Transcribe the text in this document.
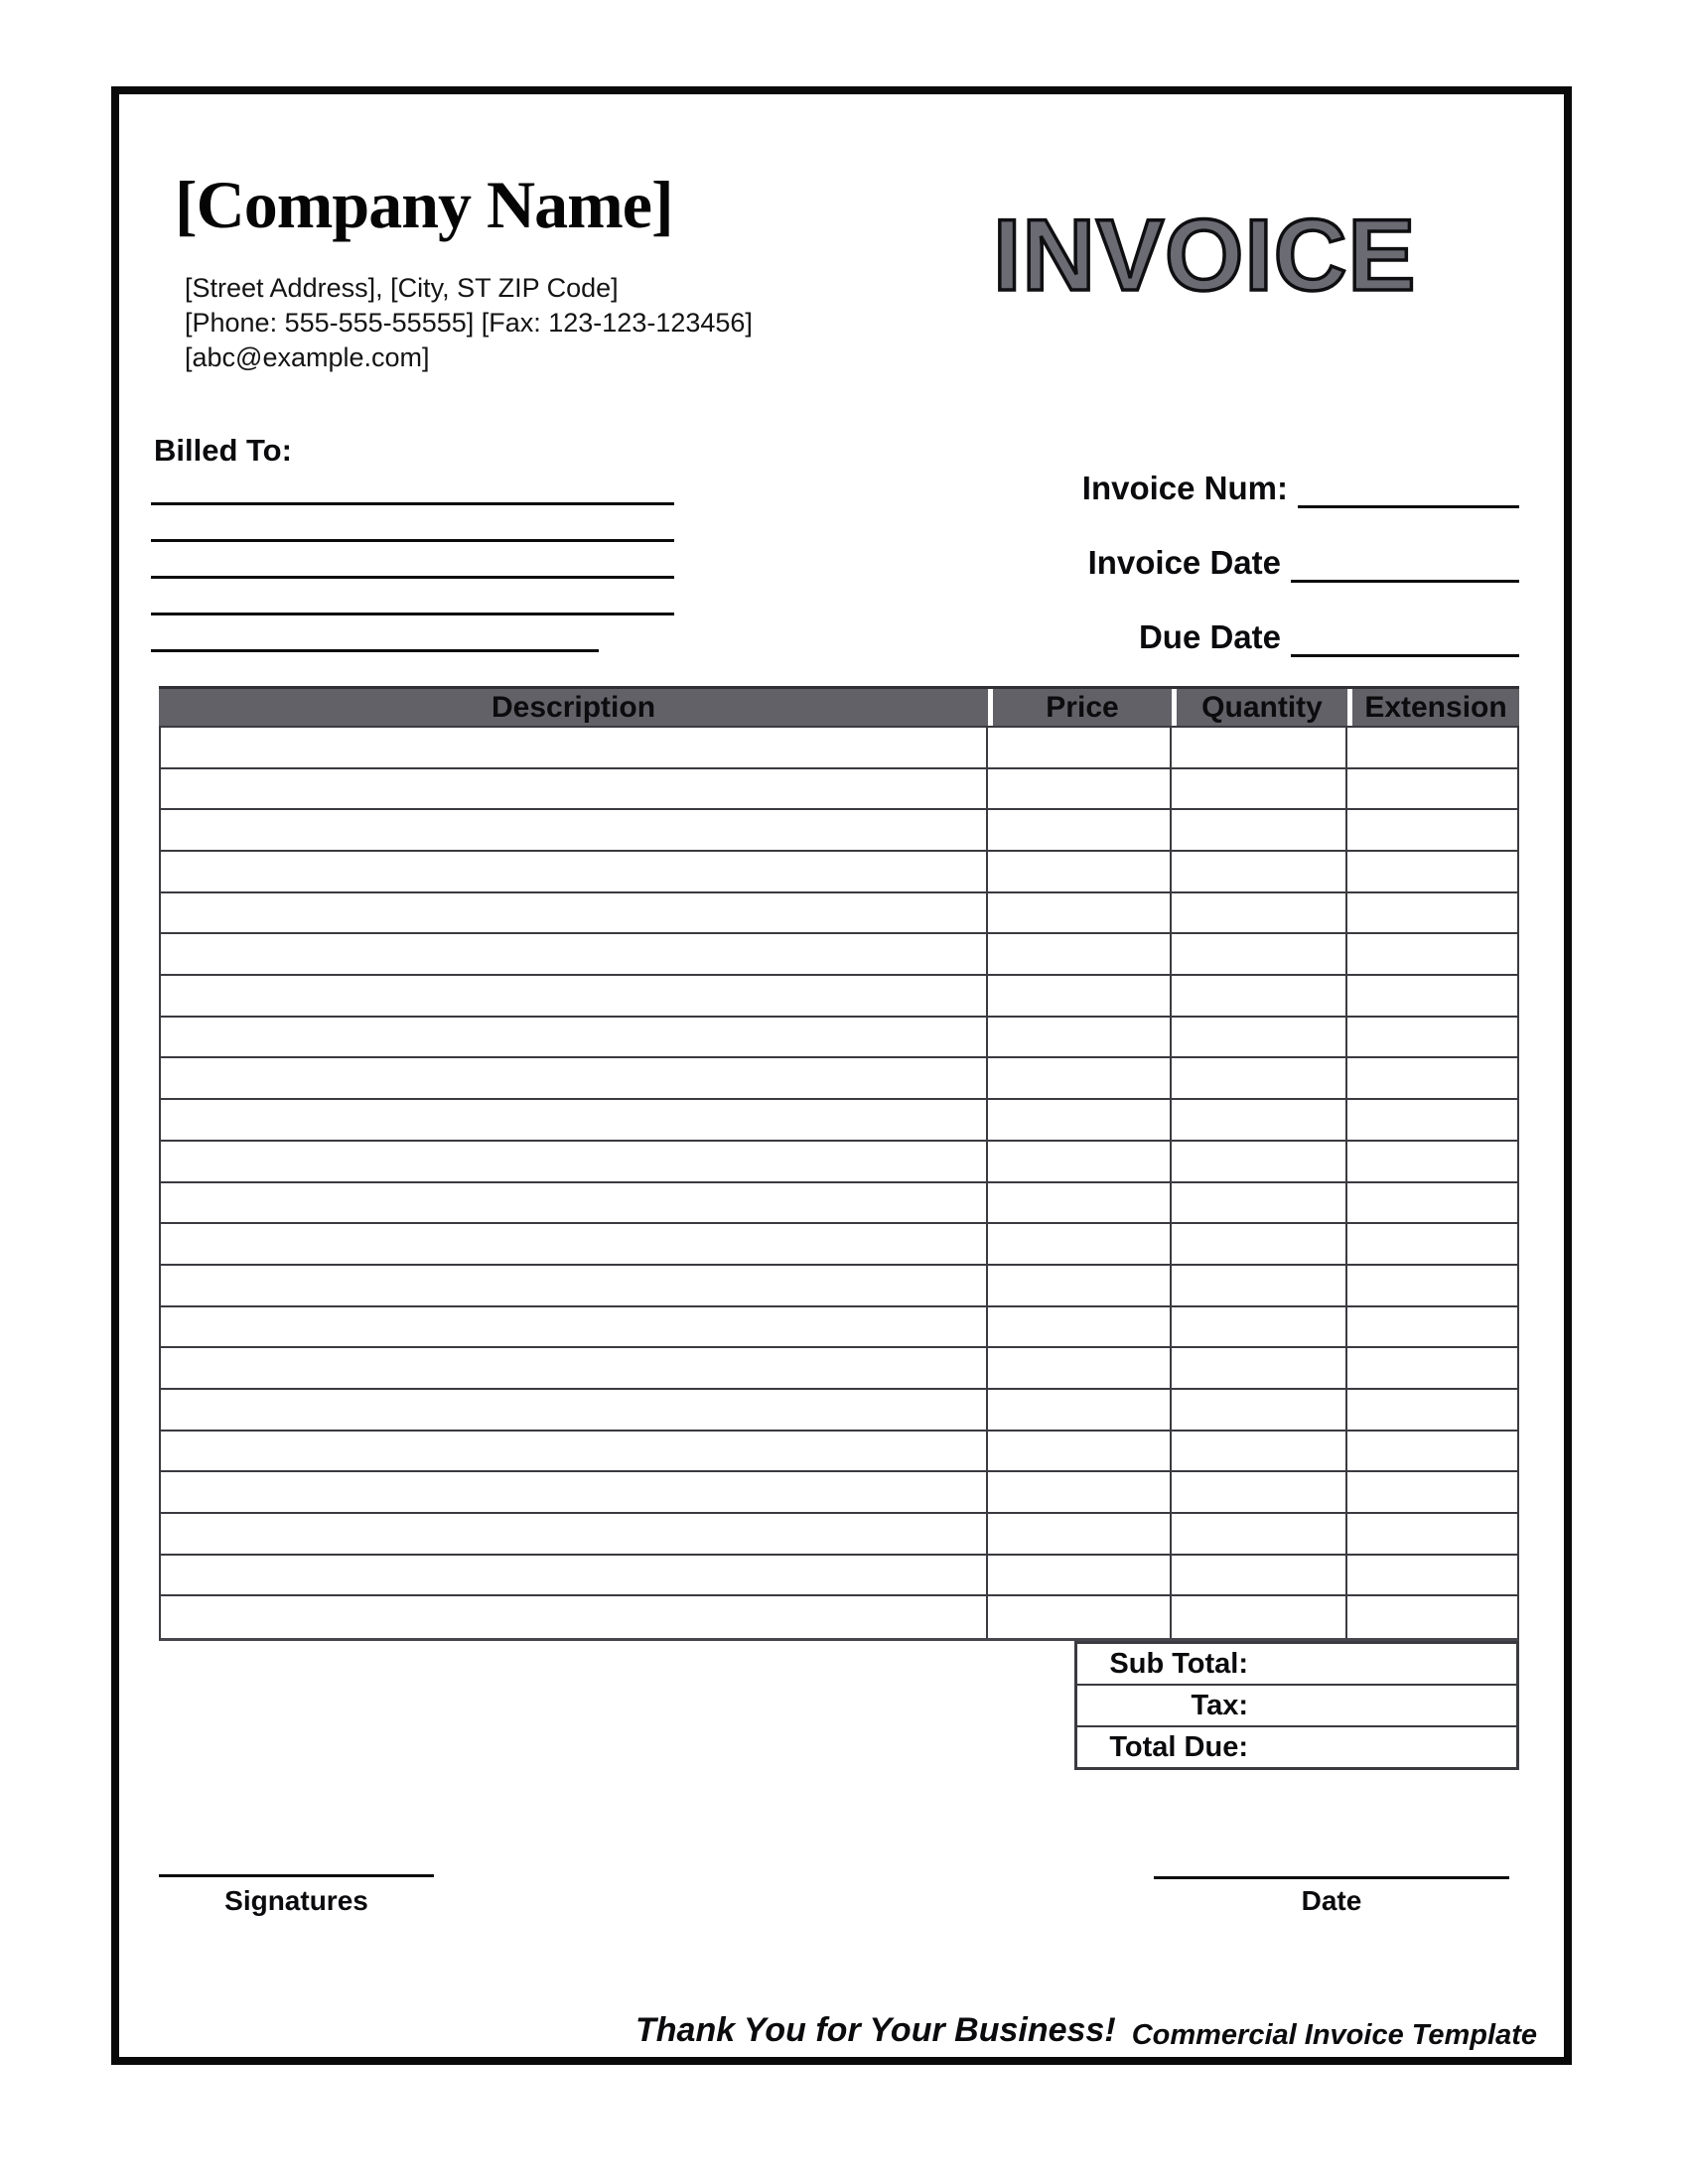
[Company Name]
[Street Address], [City, ST ZIP Code]
[Phone: 555-555-55555] [Fax: 123-123-123456]
[abc@example.com]
INVOICE
Billed To:
Invoice Num:
Invoice Date
Due Date
Description	Price	Quantity	Extension
Sub Total:
Tax:
Total Due:
Signatures	Date
Thank You for Your Business! Commercial Invoice Template
